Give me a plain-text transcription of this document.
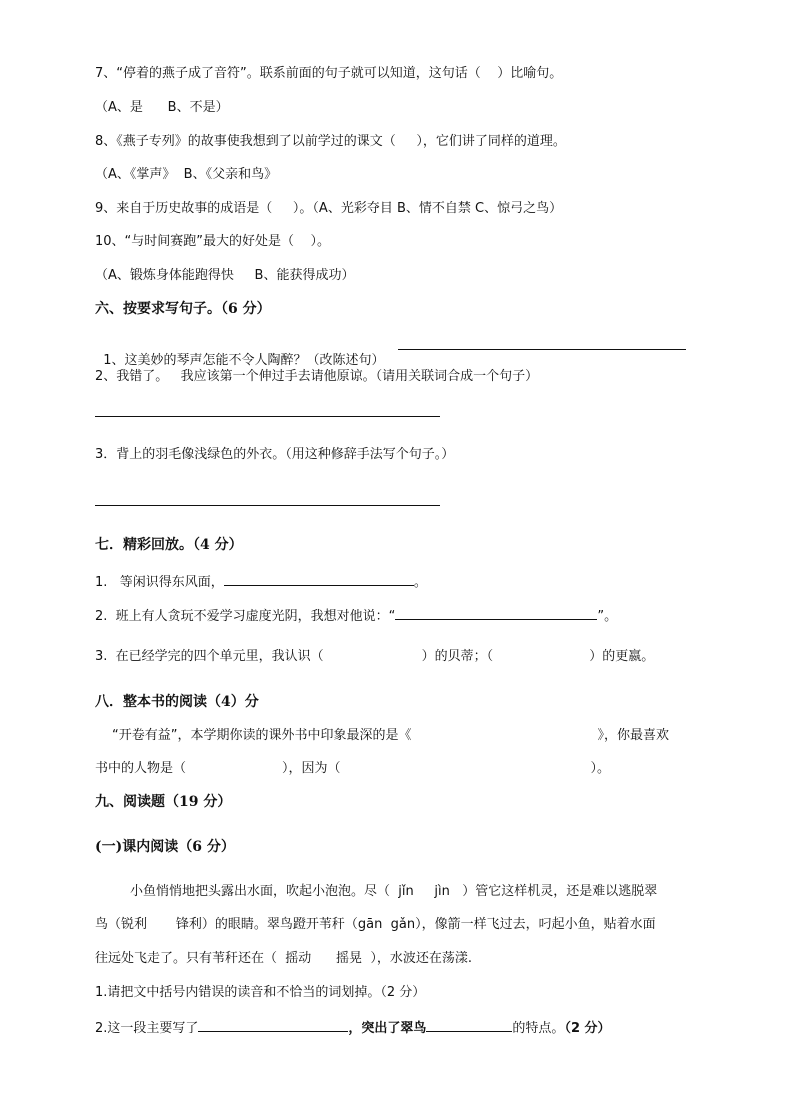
7、“停着的燕子成了音符”。联系前面的句子就可以知道，这句话（    ）比喻句。
（A、是      B、不是）
8、《燕子专列》的故事使我想到了以前学过的课文（     ），它们讲了同样的道理。
（A、《掌声》  B、《父亲和鸟》
9、来自于历史故事的成语是（     ）。（A、光彩夺目 B、情不自禁 C、惊弓之鸟）
10、“与时间赛跑”最大的好处是（    ）。
（A、锻炼身体能跑得快     B、能获得成功）
六、按要求写句子。（6 分）

1、这美妙的琴声怎能不令人陶醉？（改陈述句）

2、我错了。   我应该第一个伸过手去请他原谅。（请用关联词合成一个句子）
3．背上的羽毛像浅绿色的外衣。（用这种修辞手法写个句子。）
七．精彩回放。（4 分）
1.   等闲识得东风面，	。
2.  班上有人贪玩不爱学习虚度光阴，我想对他说：“	”。
3.  在已经学完的四个单元里，我认识（	）的贝蒂；（	）的更嬴。
八．整本书的阅读（4）分
“开卷有益”，本学期你读的课外书中印象最深的是《	》，你最喜欢
书中的人物是（	），因为（	）。
九、阅读题（19 分）
(一)课内阅读（6 分）
小鱼悄悄地把头露出水面，吹起小泡泡。尽（  jǐn     jìn   ）管它这样机灵，还是难以逃脱翠
鸟（锐利       锋利）的眼睛。翠鸟蹬开苇秆（gān  gǎn），像箭一样飞过去，叼起小鱼，贴着水面
往远处飞走了。只有苇秆还在（  摇动      摇晃  ），水波还在荡漾.
1.请把文中括号内错误的读音和不恰当的词划掉。（2 分）
2.这一段主要写了	，突出了翠鸟	的特点。（2 分）
